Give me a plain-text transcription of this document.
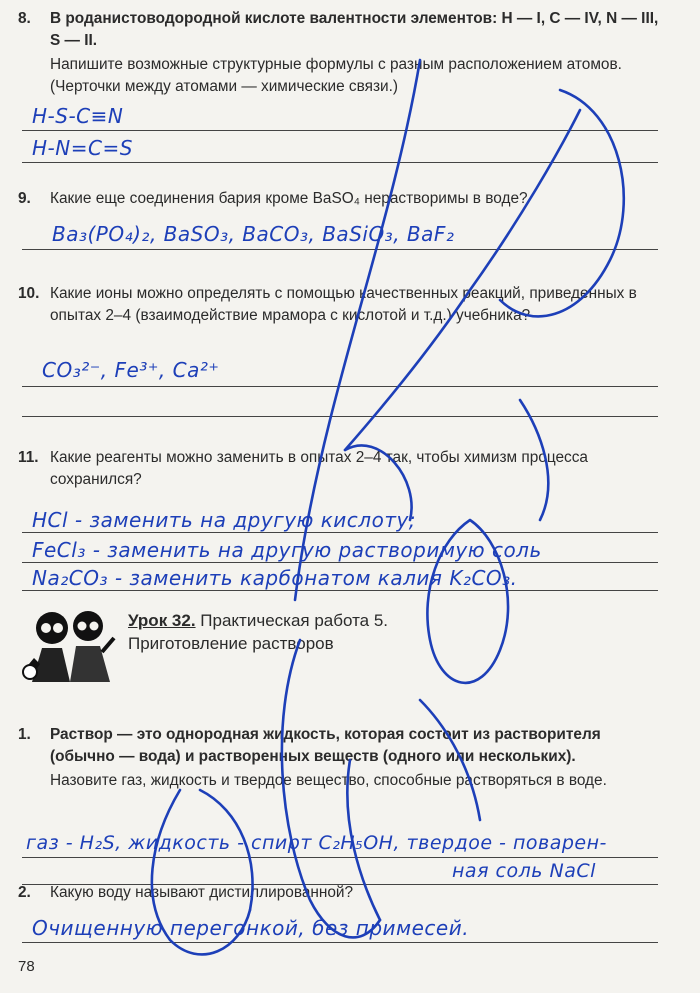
8.	В роданистоводородной кислоте валентности элементов: H — I, C — IV, N — III, S — II.
Напишите возможные структурные формулы с разным расположением атомов. (Черточки между атомами — химические связи.)
H-S-C≡N
H-N=C=S
9.	Какие еще соединения бария кроме BaSO₄ нерастворимы в воде?
Ba₃(PO₄)₂, BaSO₃, BaCO₃, BaSiO₃, BaF₂
10. Какие ионы можно определять с помощью качественных реакций, приведенных в опытах 2–4 (взаимодействие мрамора с кислотой и т.д.) учебника?
CO₃²⁻, Fe³⁺, Ca²⁺
11. Какие реагенты можно заменить в опытах 2–4 так, чтобы химизм процесса сохранился?
HCl - заменить на другую кислоту;
FeCl₃ - заменить на другую растворимую соль
Na₂CO₃ - заменить карбонатом калия K₂CO₃.
Урок 32. Практическая работа 5.
Приготовление растворов
1.	Раствор — это однородная жидкость, которая состоит из растворителя (обычно — вода) и растворенных веществ (одного или нескольких).
Назовите газ, жидкость и твердое вещество, способные растворяться в воде.
газ - H₂S, жидкость - спирт C₂H₅OH, твердое - поварен-
ная соль NaCl
2.	Какую воду называют дистиллированной?
Очищенную перегонкой, без примесей.
78
